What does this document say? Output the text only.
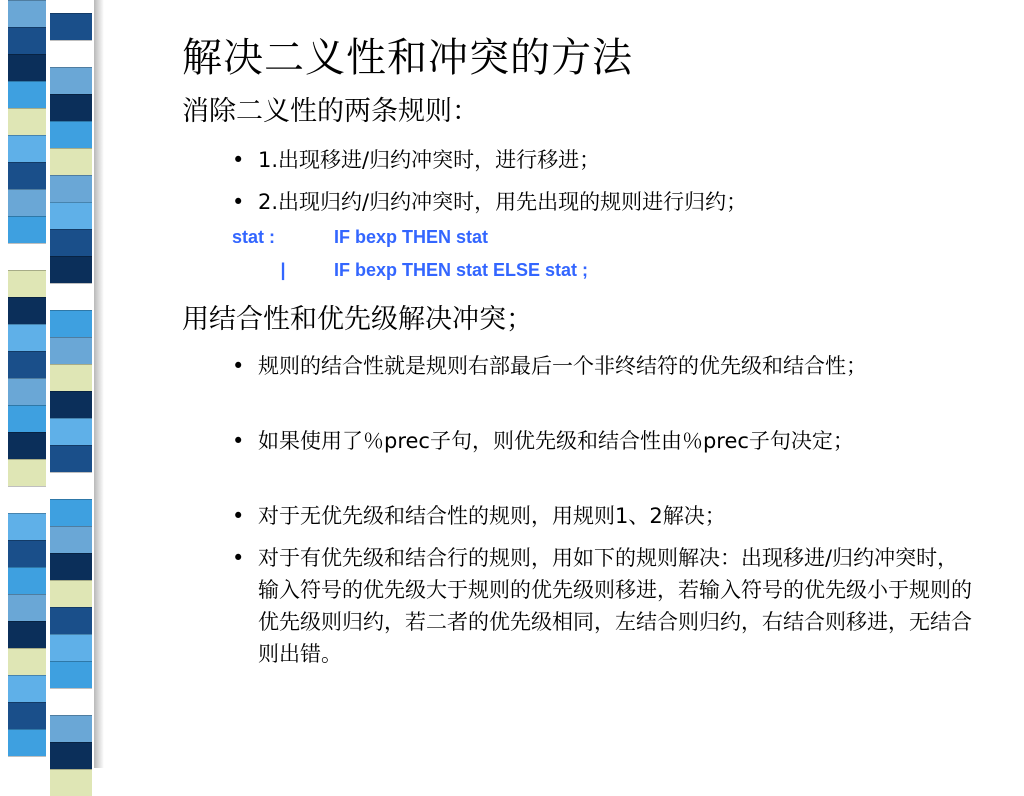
解决二义性和冲突的方法
消除二义性的两条规则：
• 1.出现移进/归约冲突时，进行移进；
• 2.出现归约/归约冲突时，用先出现的规则进行归约；
stat :	IF bexp THEN stat
|	IF bexp THEN stat ELSE stat ;
用结合性和优先级解决冲突；
• 规则的结合性就是规则右部最后一个非终结符的优先级和结合性；
• 如果使用了％prec子句，则优先级和结合性由％prec子句决定；
• 对于无优先级和结合性的规则，用规则1、2解决；
• 对于有优先级和结合行的规则，用如下的规则解决：出现移进/归约冲突时，输入符号的优先级大于规则的优先级则移进，若输入符号的优先级小于规则的优先级则归约，若二者的优先级相同，左结合则归约，右结合则移进，无结合则出错。
